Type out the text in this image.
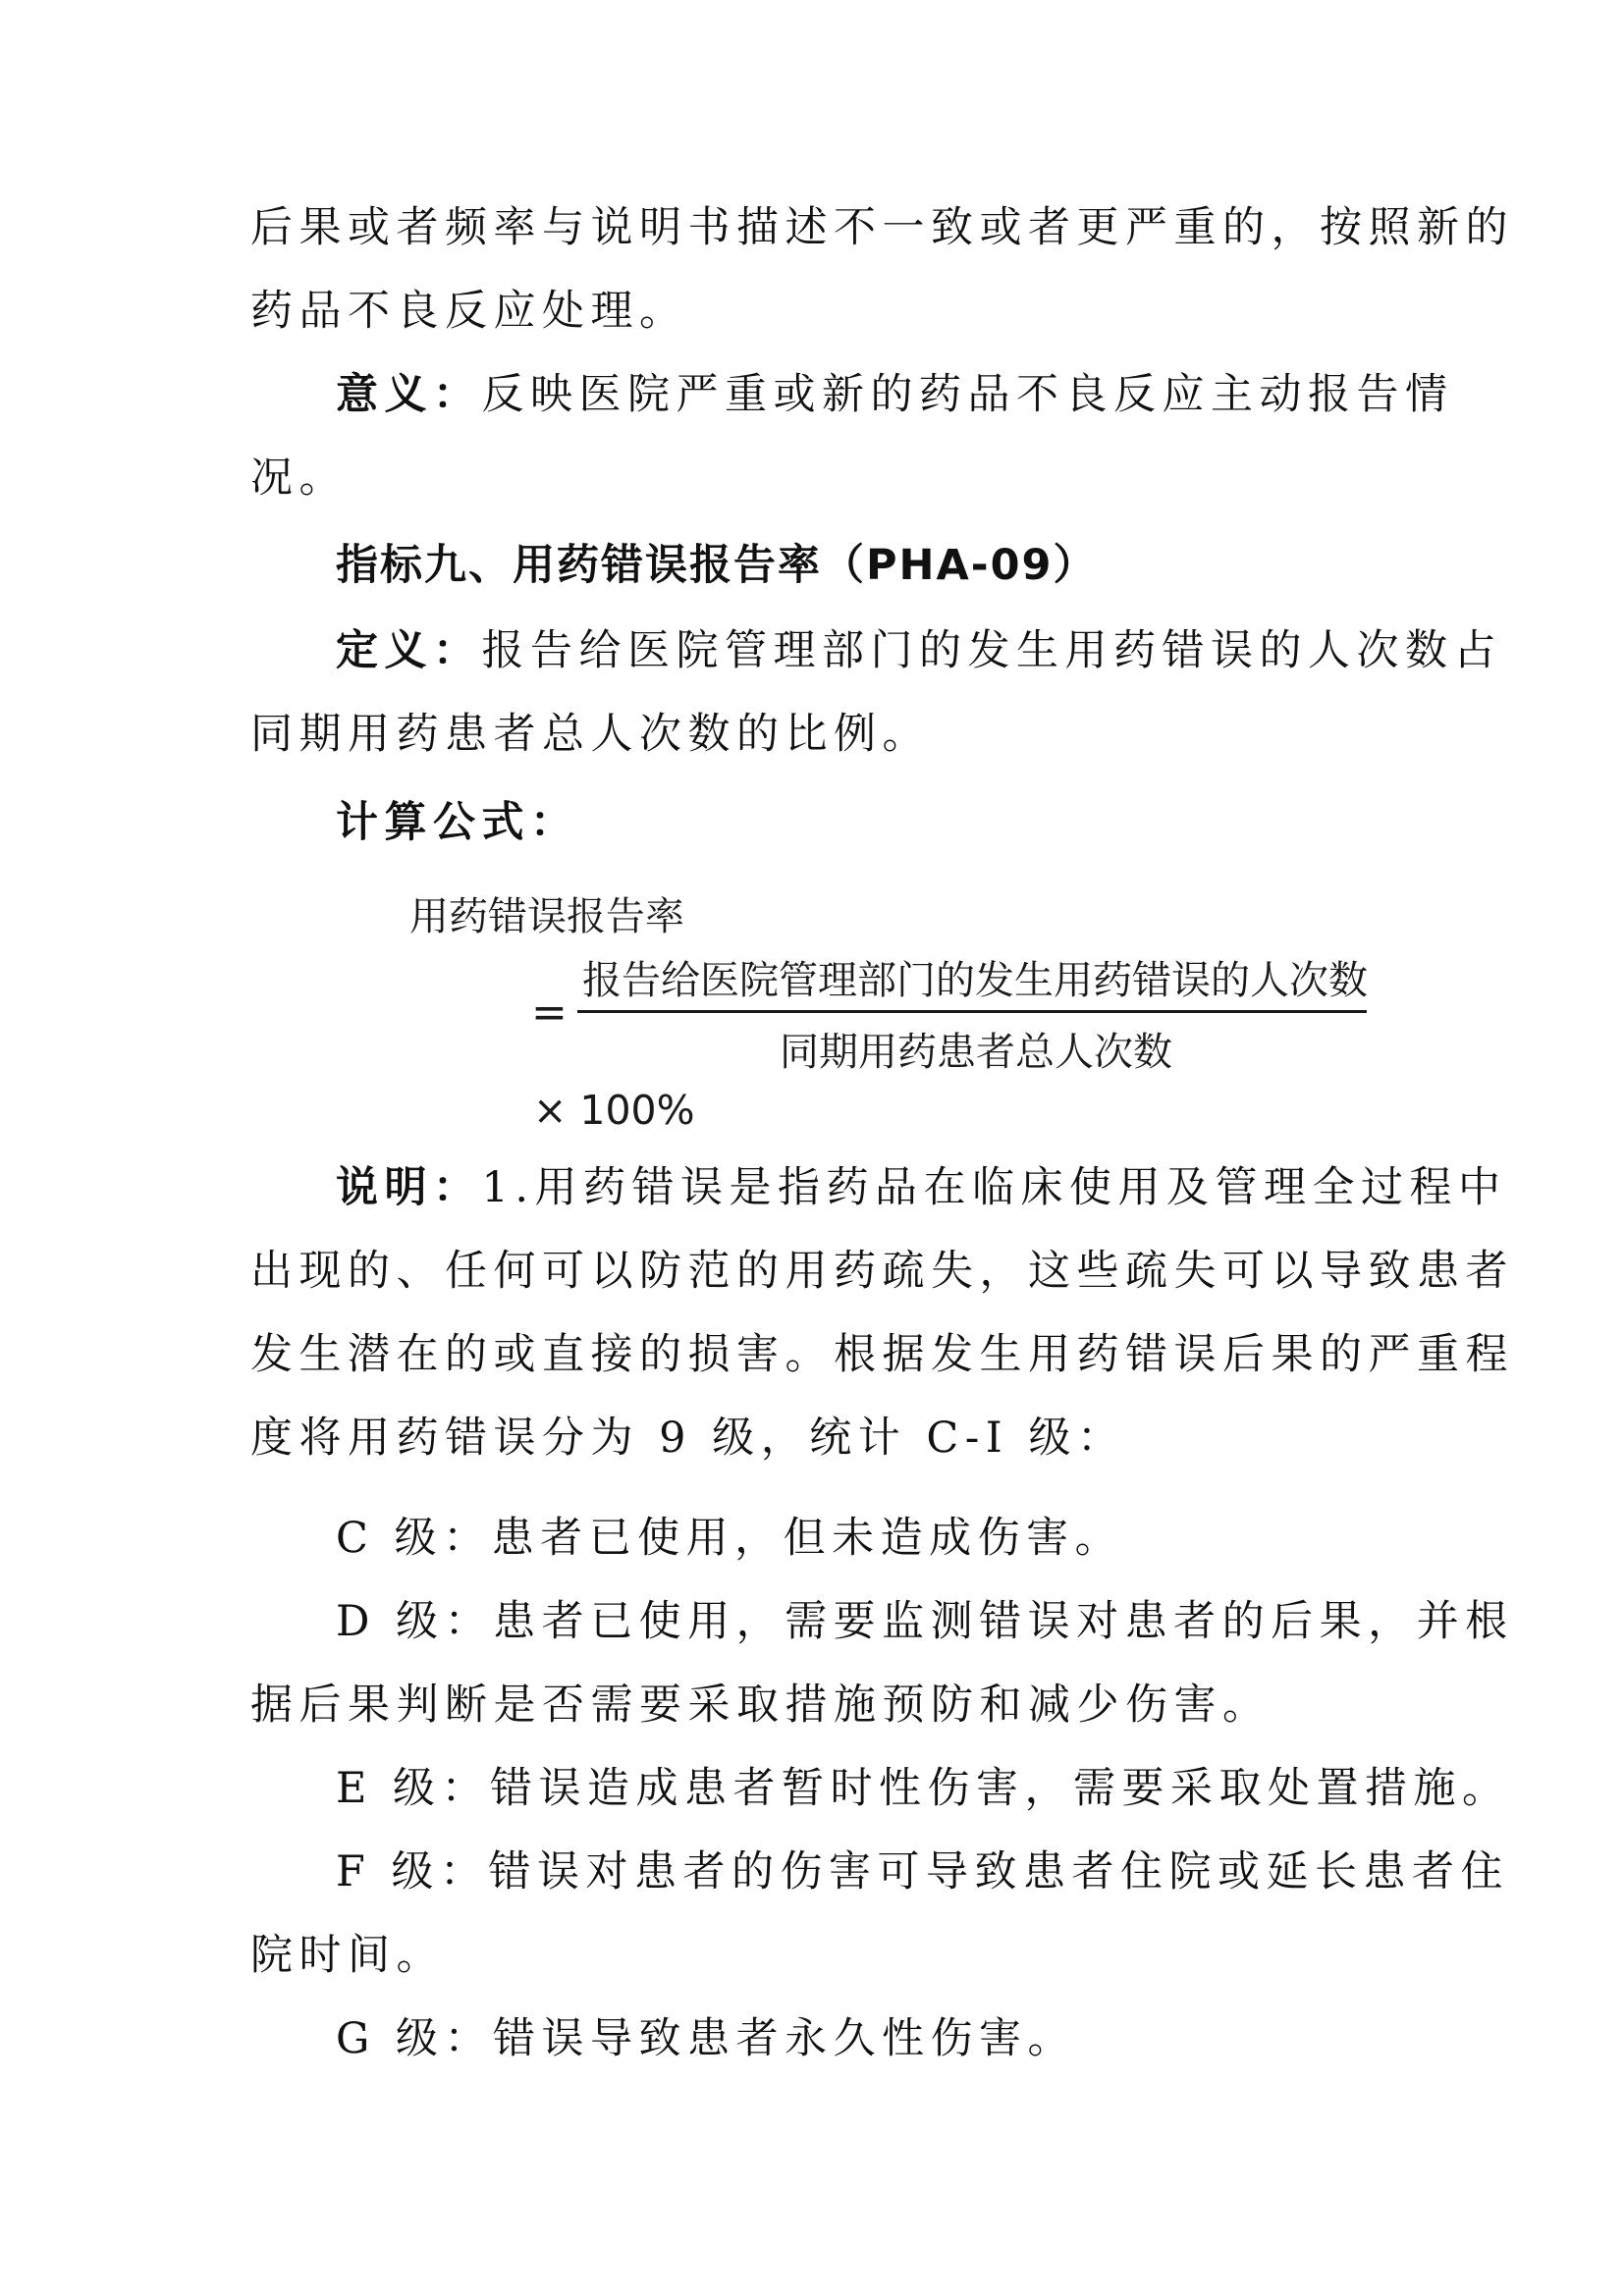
后果或者频率与说明书描述不一致或者更严重的，按照新的
药品不良反应处理。
意义：反映医院严重或新的药品不良反应主动报告情
况。
指标九、用药错误报告率（PHA-09）
定义：报告给医院管理部门的发生用药错误的人次数占
同期用药患者总人次数的比例。
计算公式：
用药错误报告率
=
报告给医院管理部门的发生用药错误的人次数
同期用药患者总人次数
× 100%
说明：1.用药错误是指药品在临床使用及管理全过程中
出现的、任何可以防范的用药疏失，这些疏失可以导致患者
发生潜在的或直接的损害。根据发生用药错误后果的严重程
度将用药错误分为 9 级，统计 C-I 级：
C 级：患者已使用，但未造成伤害。
D 级：患者已使用，需要监测错误对患者的后果，并根
据后果判断是否需要采取措施预防和减少伤害。
E 级：错误造成患者暂时性伤害，需要采取处置措施。
F 级：错误对患者的伤害可导致患者住院或延长患者住
院时间。
G 级：错误导致患者永久性伤害。
